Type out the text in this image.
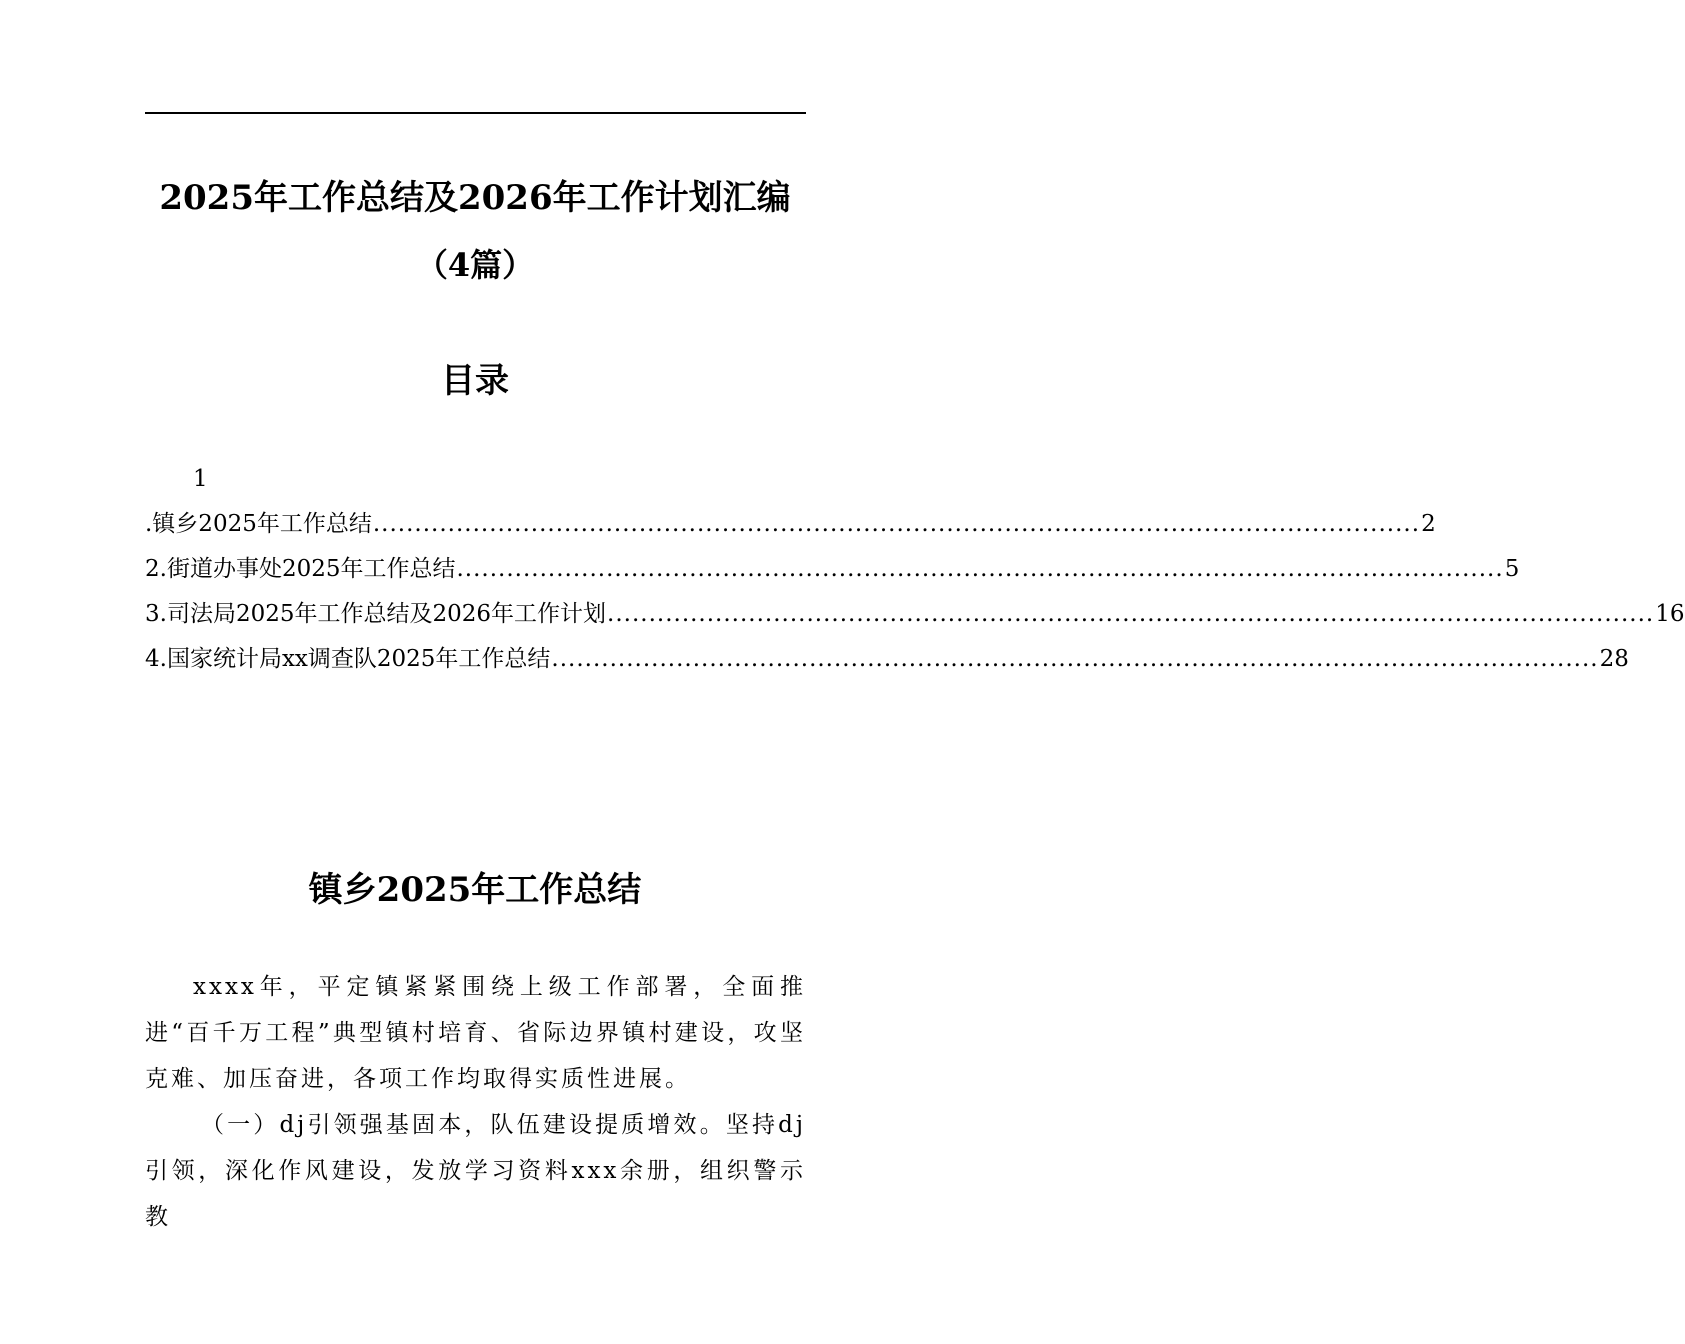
2025年工作总结及2026年工作计划汇编
（4篇）
目录
1
.镇乡2025年工作总结 .............................................................................................................................. 2
2.街道办事处2025年工作总结 .............................................................................................................................. 5
3.司法局2025年工作总结及2026年工作计划 .............................................................................................................................. 16
4.国家统计局xx调查队2025年工作总结 .............................................................................................................................. 28
镇乡2025年工作总结

xxxx年，平定镇紧紧围绕上级工作部署，全面推进“百千万工程”典型镇村培育、省际边界镇村建设，攻坚克难、加压奋进，各项工作均取得实质性进展。

（一）dj引领强基固本，队伍建设提质增效。坚持dj引领，深化作风建设，发放学习资料xxx余册，组织警示教
